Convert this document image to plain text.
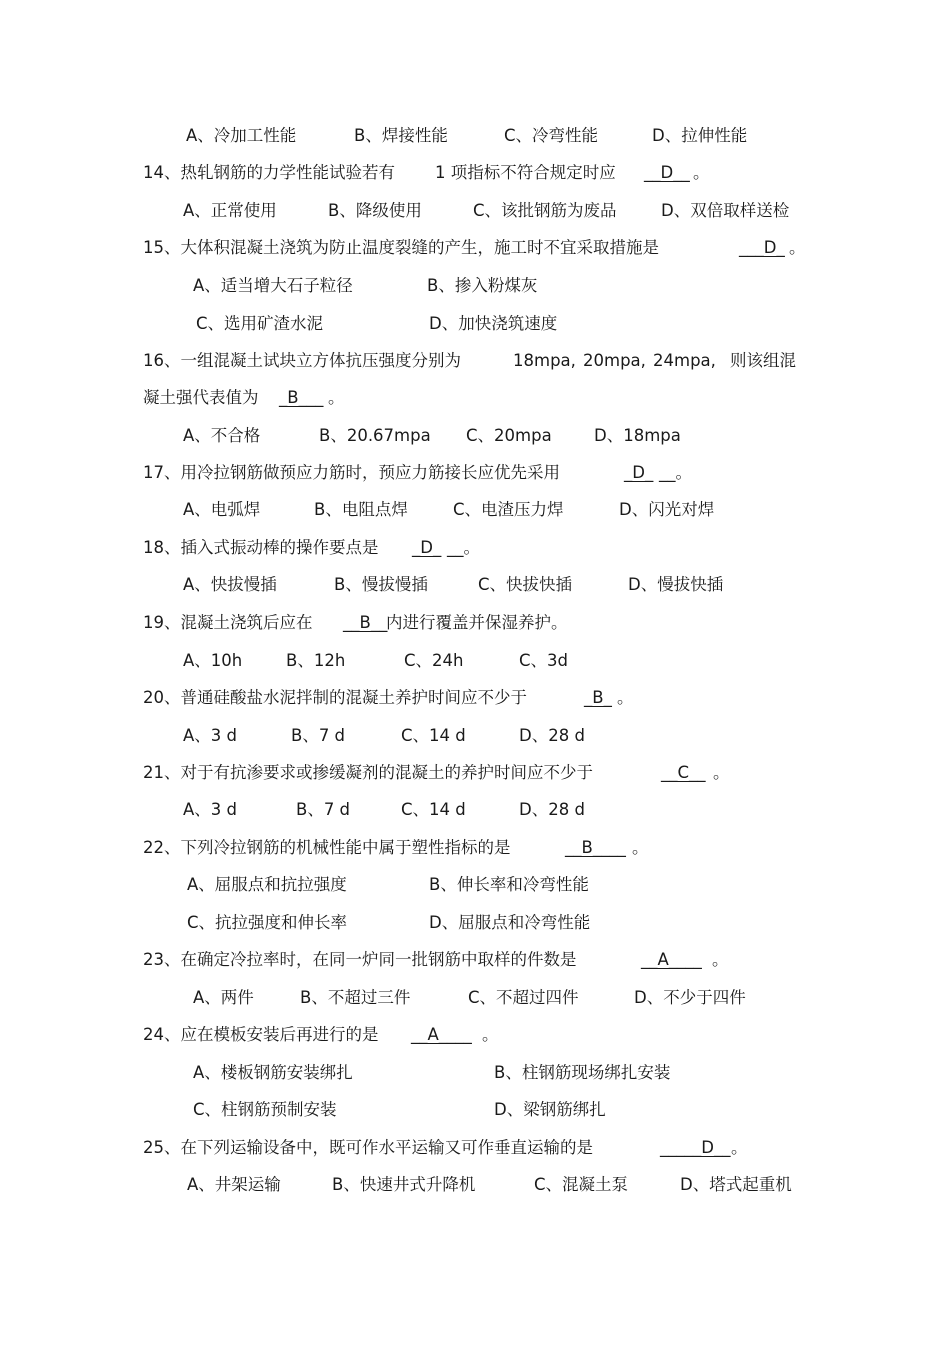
A、冷加工性能	B、焊接性能	C、冷弯性能	D、拉伸性能
14、热轧钢筋的力学性能试验若有 1 项指标不符合规定时应 __D__ 。
A、正常使用	B、降级使用	C、该批钢筋为废品	D、双倍取样送检
15、大体积混凝土浇筑为防止温度裂缝的产生，施工时不宜采取措施是	___D_ 。
A、适当增大石子粒径	B、掺入粉煤灰
C、选用矿渣水泥	D、加快浇筑速度
16、一组混凝土试块立方体抗压强度分别为	18mpa, 20mpa, 24mpa, 则该组混
凝土强代表值为 _B___ 。
A、不合格	B、20.67mpa C、20mpa	D、18mpa
17、用冷拉钢筋做预应力筋时，预应力筋接长应优先采用	_D_ __。
A、电弧焊	B、电阻点焊	C、电渣压力焊	D、闪光对焊
18、插入式振动棒的操作要点是 _D_ __。
A、快拔慢插	B、慢拔慢插	C、快拔快插	D、慢拔快插
19、混凝土浇筑后应在 __B__
内进行覆盖并保湿养护。
A、10h	B、12h	C、24h	C、3d
20、普通硅酸盐水泥拌制的混凝土养护时间应不少于	_B_ 。
A、3 d	B、7 d	C、14 d	D、28 d
21、对于有抗渗要求或掺缓凝剂的混凝土的养护时间应不少于	__C__ 。
A、3 d	B、7 d	C、14 d	D、28 d
22、下列冷拉钢筋的机械性能中属于塑性指标的是	__B____ 。
A、屈服点和抗拉强度	B、伸长率和冷弯性能
C、抗拉强度和伸长率	D、屈服点和冷弯性能
23、在确定冷拉率时，在同一炉同一批钢筋中取样的件数是	__A____ 。
A、两件	B、不超过三件	C、不超过四件	D、不少于四件
24、应在模板安装后再进行的是 __A____ 。
A、楼板钢筋安装绑扎	B、柱钢筋现场绑扎安装
C、柱钢筋预制安装	D、梁钢筋绑扎
25、在下列运输设备中，既可作水平运输又可作垂直运输的是	_____D__ 。
A、井架运输	B、快速井式升降机	C、混凝土泵	D、塔式起重机
